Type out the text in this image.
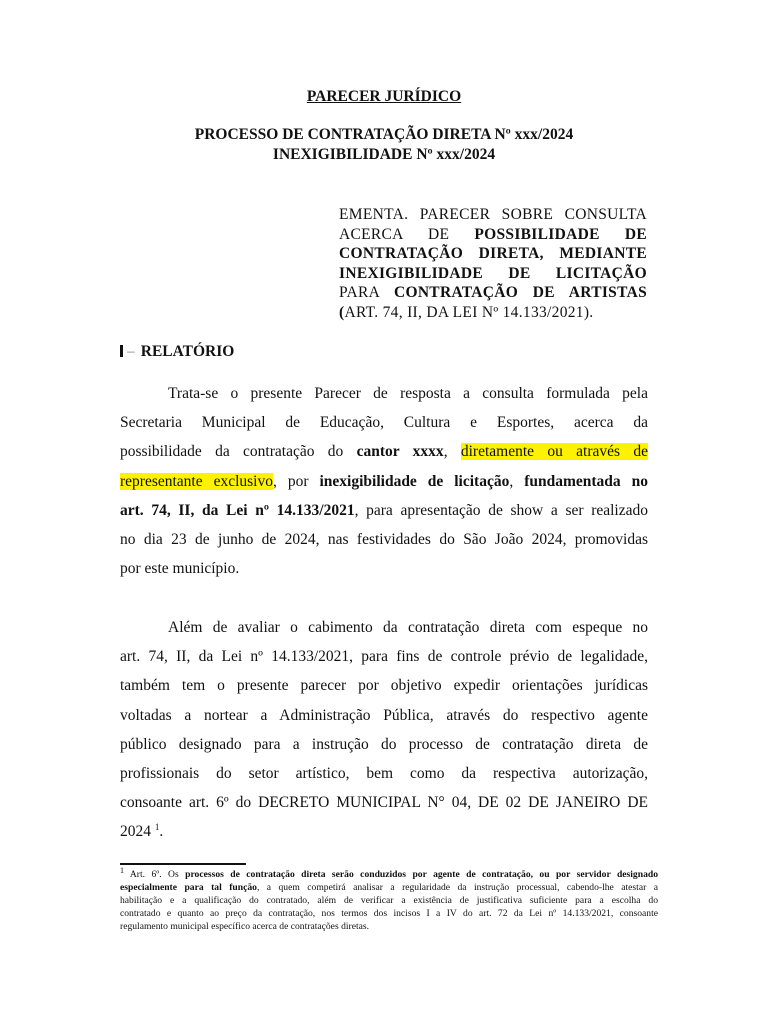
PARECER JURÍDICO
PROCESSO DE CONTRATAÇÃO DIRETA Nº xxx/2024
INEXIGIBILIDADE Nº xxx/2024
EMENTA. PARECER SOBRE CONSULTA
ACERCA DE POSSIBILIDADE DE
CONTRATAÇÃO DIRETA, MEDIANTE
INEXIGIBILIDADE DE LICITAÇÃO
PARA CONTRATAÇÃO DE ARTISTAS
(ART. 74, II, DA LEI Nº 14.133/2021).
– RELATÓRIO
Trata-se o presente Parecer de resposta a consulta formulada pela
Secretaria Municipal de Educação, Cultura e Esportes, acerca da
possibilidade da contratação do cantor xxxx, diretamente ou através de
representante exclusivo, por inexigibilidade de licitação, fundamentada no
art. 74, II, da Lei nº 14.133/2021, para apresentação de show a ser realizado
no dia 23 de junho de 2024, nas festividades do São João 2024, promovidas
por este município.
Além de avaliar o cabimento da contratação direta com espeque no
art. 74, II, da Lei nº 14.133/2021, para fins de controle prévio de legalidade,
também tem o presente parecer por objetivo expedir orientações jurídicas
voltadas a nortear a Administração Pública, através do respectivo agente
público designado para a instrução do processo de contratação direta de
profissionais do setor artístico, bem como da respectiva autorização,
consoante art. 6º do DECRETO MUNICIPAL N° 04, DE 02 DE JANEIRO DE
2024 $^1$.
$^1$ Art. 6º. Os processos de contratação direta serão conduzidos por agente de contratação, ou por servidor designado
especialmente para tal função, a quem competirá analisar a regularidade da instrução processual, cabendo-lhe atestar a
habilitação e a qualificação do contratado, além de verificar a existência de justificativa suficiente para a escolha do
contratado e quanto ao preço da contratação, nos termos dos incisos I a IV do art. 72 da Lei nº 14.133/2021, consoante
regulamento municipal específico acerca de contratações diretas.
